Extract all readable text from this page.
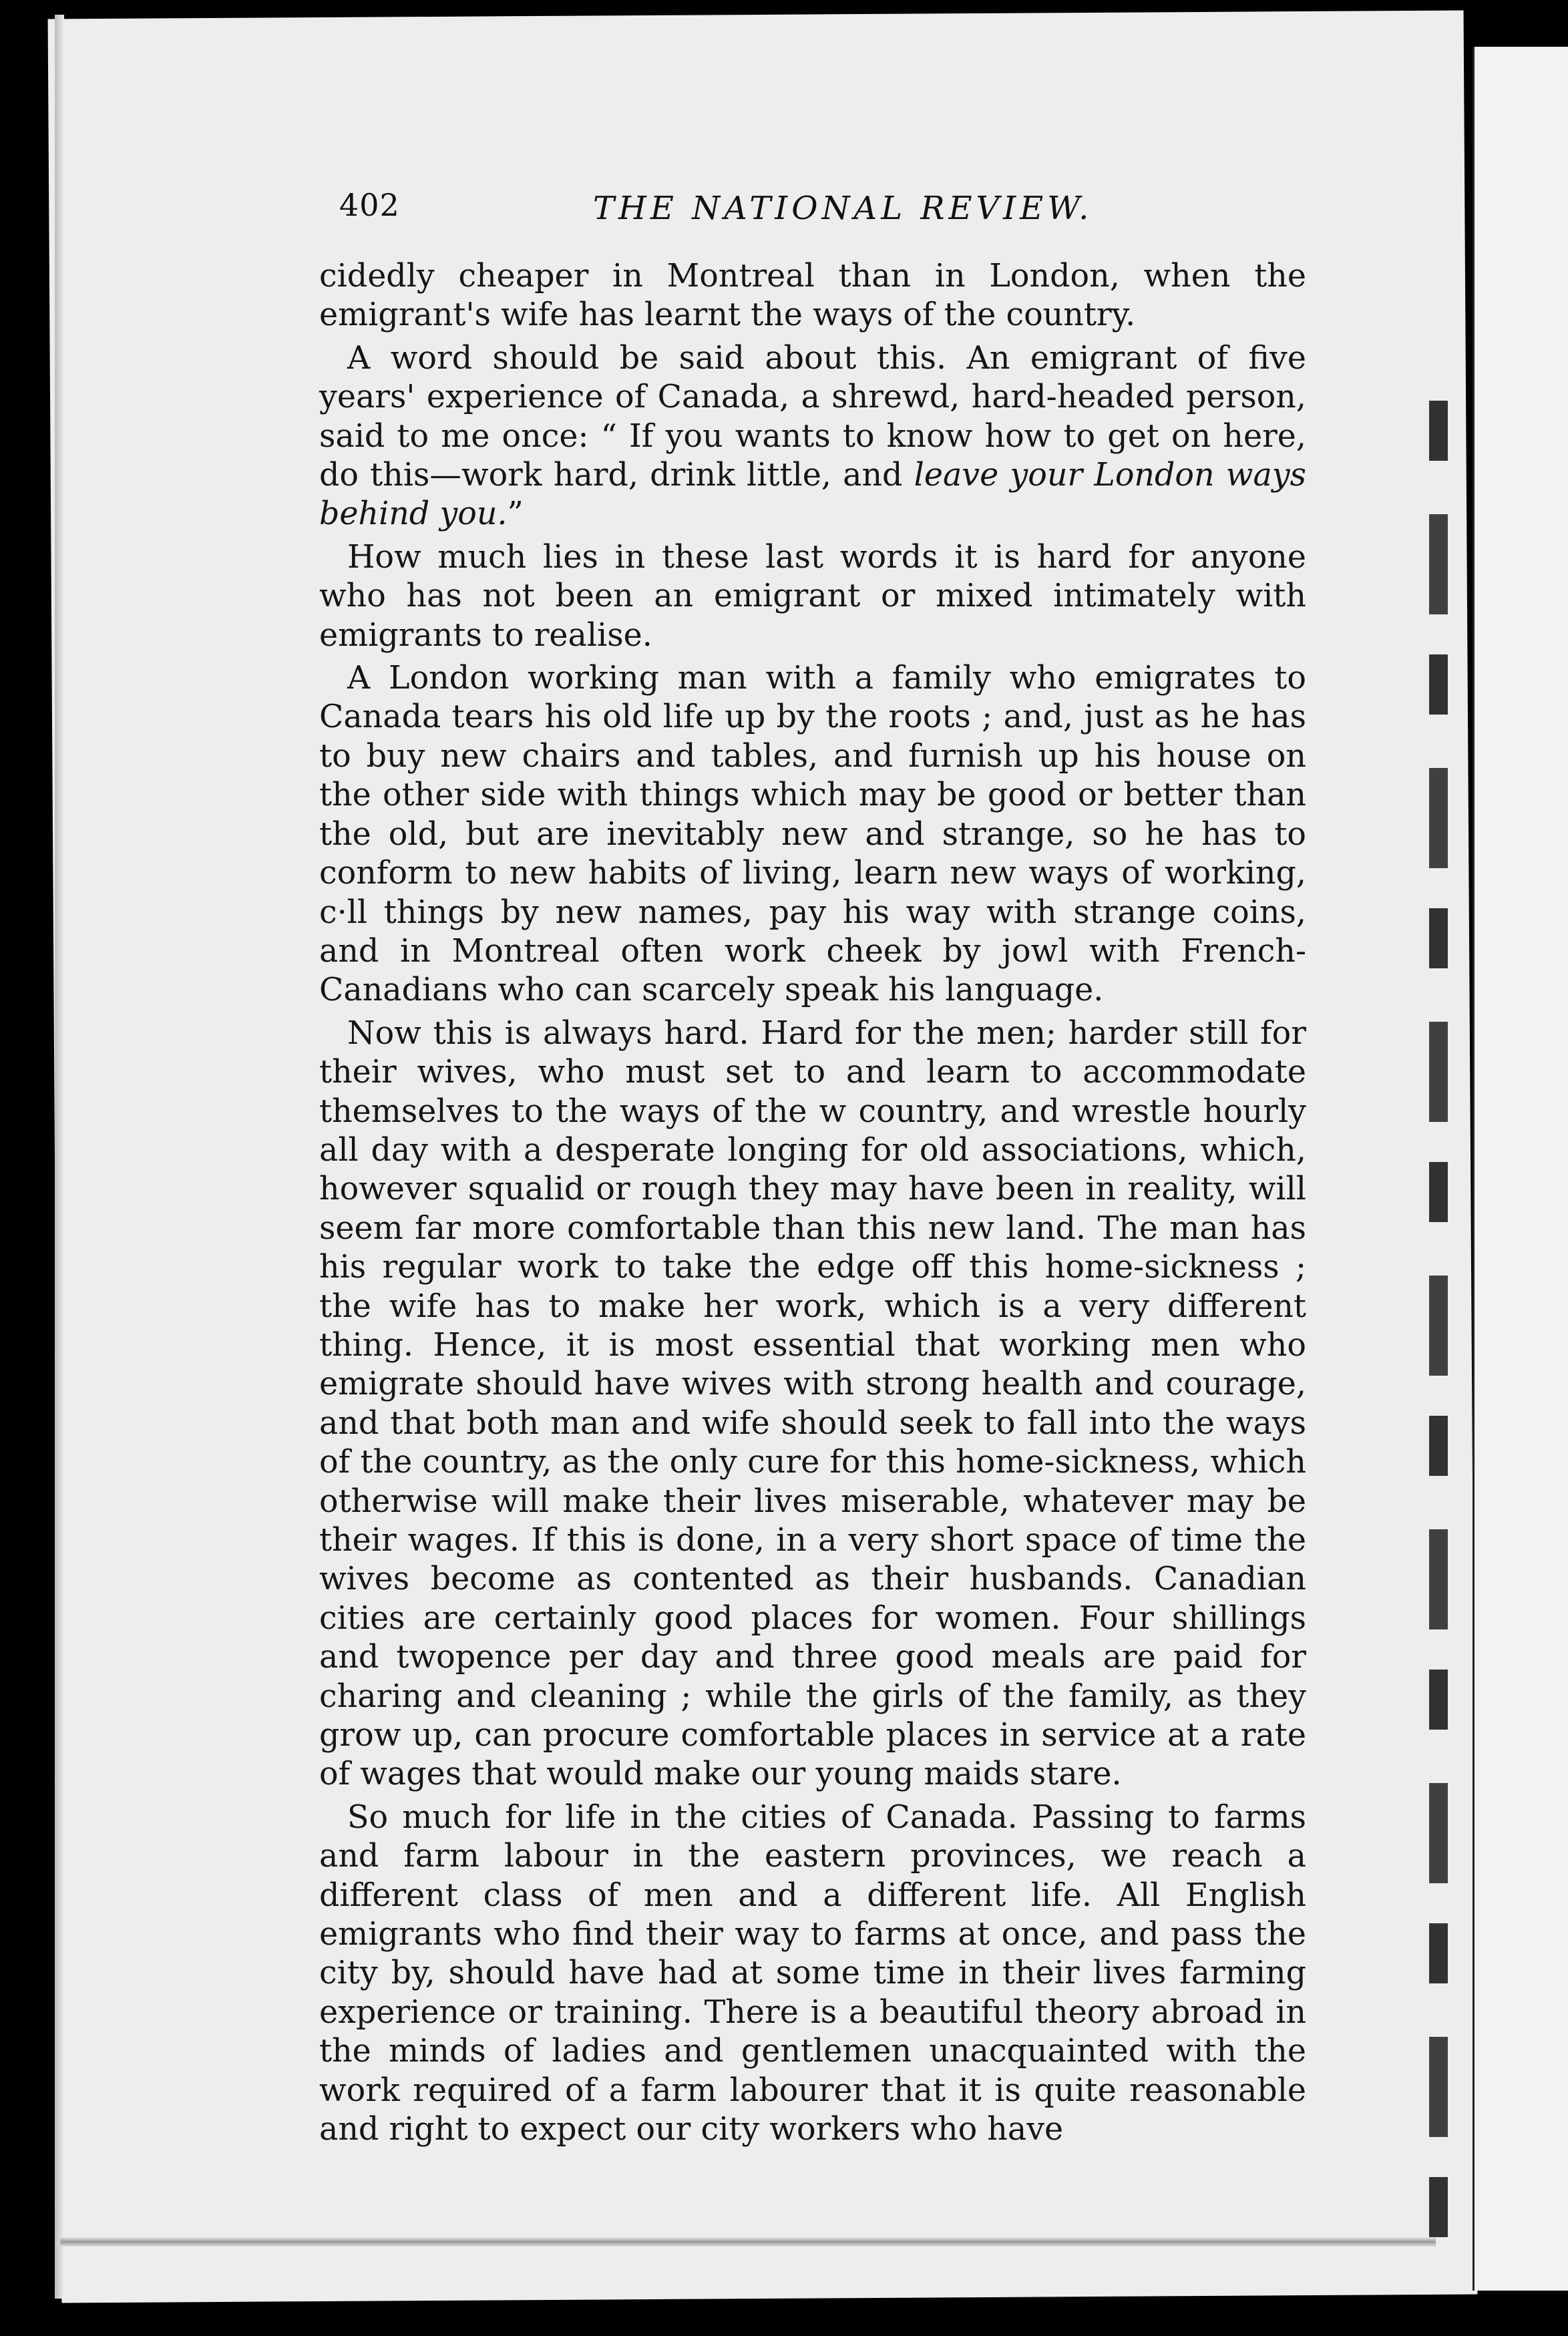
402	THE NATIONAL REVIEW.

cidedly cheaper in Montreal than in London, when the emigrant's wife has learnt the ways of the country.

A word should be said about this. An emigrant of five years' experience of Canada, a shrewd, hard-headed person, said to me once: “ If you wants to know how to get on here, do this—work hard, drink little, and leave your London ways behind you.”

How much lies in these last words it is hard for anyone who has not been an emigrant or mixed intimately with emigrants to realise.

A London working man with a family who emigrates to Canada tears his old life up by the roots ; and, just as he has to buy new chairs and tables, and furnish up his house on the other side with things which may be good or better than the old, but are inevitably new and strange, so he has to conform to new habits of living, learn new ways of working, c·ll things by new names, pay his way with strange coins, and in Montreal often work cheek by jowl with French-Canadians who can scarcely speak his language.

Now this is always hard. Hard for the men; harder still for their wives, who must set to and learn to accommodate themselves to the ways of the w country, and wrestle hourly all day with a desperate longing for old associations, which, however squalid or rough they may have been in reality, will seem far more comfortable than this new land. The man has his regular work to take the edge off this home-sickness ; the wife has to make her work, which is a very different thing. Hence, it is most essential that working men who emigrate should have wives with strong health and courage, and that both man and wife should seek to fall into the ways of the country, as the only cure for this home-sickness, which otherwise will make their lives miserable, whatever may be their wages. If this is done, in a very short space of time the wives become as contented as their husbands. Canadian cities are certainly good places for women. Four shillings and twopence per day and three good meals are paid for charing and cleaning ; while the girls of the family, as they grow up, can procure comfortable places in service at a rate of wages that would make our young maids stare.

So much for life in the cities of Canada. Passing to farms and farm labour in the eastern provinces, we reach a different class of men and a different life. All English emigrants who find their way to farms at once, and pass the city by, should have had at some time in their lives farming experience or training. There is a beautiful theory abroad in the minds of ladies and gentlemen unacquainted with the work required of a farm labourer that it is quite reasonable and right to expect our city workers who have
